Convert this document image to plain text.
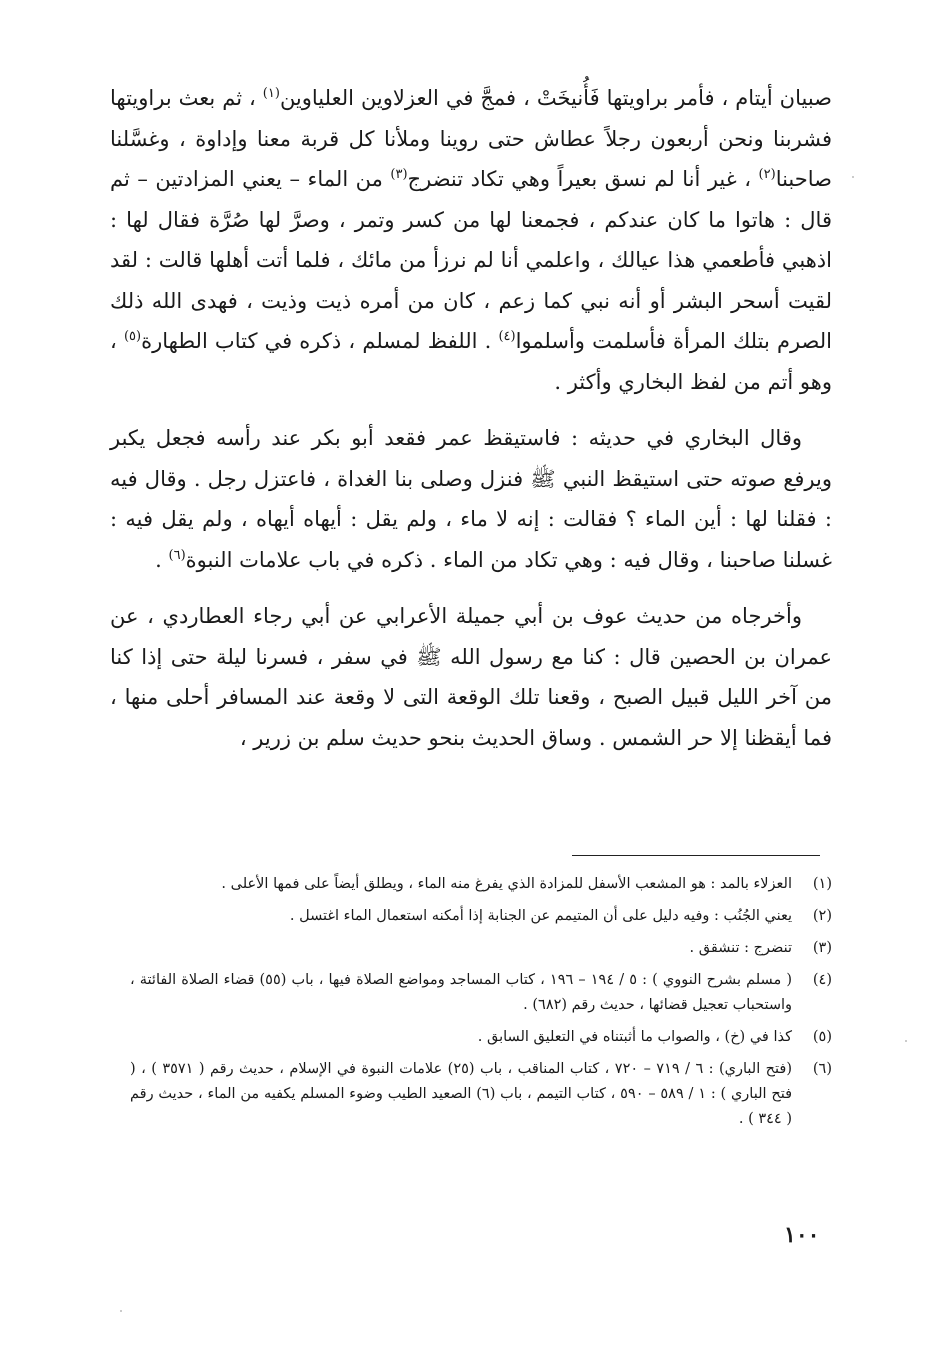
صبيان أيتام ، فأمر براويتها فَأُنيخَتْ ، فمجَّ في العزلاوين العلياوين$^{(١)}$ ، ثم بعث براويتها فشربنا ونحن أربعون رجلاً عطاش حتى روينا وملأنا كل قربة معنا وإداوة ، وغسَّلنا صاحبنا$^{(٢)}$ ، غير أنا لم نسق بعيراً وهي تكاد تنضرج$^{(٣)}$ من الماء – يعني المزادتين – ثم قال : هاتوا ما كان عندكم ، فجمعنا لها من كسر وتمر ، وصرَّ لها صُرَّة فقال لها : اذهبي فأطعمي هذا عيالك ، واعلمي أنا لم نرزأ من مائك ، فلما أتت أهلها قالت : لقد لقيت أسحر البشر أو أنه نبي كما زعم ، كان من أمره ذيت وذيت ، فهدى الله ذلك الصرم بتلك المرأة فأسلمت وأسلموا$^{(٤)}$ . اللفظ لمسلم ، ذكره في كتاب الطهارة$^{(٥)}$ ، وهو أتم من لفظ البخاري وأكثر .

وقال البخاري في حديثه : فاستيقظ عمر فقعد أبو بكر عند رأسه فجعل يكبر ويرفع صوته حتى استيقظ النبي ﷺ فنزل وصلى بنا الغداة ، فاعتزل رجل . وقال فيه : فقلنا لها : أين الماء ؟ فقالت : إنه لا ماء ، ولم يقل : أيهاه أيهاه ، ولم يقل فيه : غسلنا صاحبنا ، وقال فيه : وهي تكاد من الماء . ذكره في باب علامات النبوة$^{(٦)}$ .

وأخرجاه من حديث عوف بن أبي جميلة الأعرابي عن أبي رجاء العطاردي ، عن عمران بن الحصين قال : كنا مع رسول الله ﷺ في سفر ، فسرنا ليلة حتى إذا كنا من آخر الليل قبيل الصبح ، وقعنا تلك الوقعة التى لا وقعة عند المسافر أحلى منها ، فما أيقظنا إلا حر الشمس . وساق الحديث بنحو حديث سلم بن زرير ،

(١)
العزلاء بالمد : هو المشعب الأسفل للمزادة الذي يفرغ منه الماء ، ويطلق أيضاً على فمها الأعلى .
(٢)
يعني الجُنُب : وفيه دليل على أن المتيمم عن الجنابة إذا أمكنه استعمال الماء اغتسل .
(٣)
تنضرج : تنشقق .
(٤)
( مسلم بشرح النووي ) : ٥ / ١٩٤ – ١٩٦ ، كتاب المساجد ومواضع الصلاة فيها ، باب (٥٥) قضاء الصلاة الفائتة ، واستحباب تعجيل قضائها ، حديث رقم (٦٨٢) .
(٥)
كذا في (خ) ، والصواب ما أثبتناه في التعليق السابق .
(٦)
(فتح الباري) : ٦ / ٧١٩ – ٧٢٠ ، كتاب المناقب ، باب (٢٥) علامات النبوة في الإسلام ، حديث رقم ( ٣٥٧١ ) ، ( فتح الباري ) : ١ / ٥٨٩ – ٥٩٠ ، كتاب التيمم ، باب (٦) الصعيد الطيب وضوء المسلم يكفيه من الماء ، حديث رقم ( ٣٤٤ ) .
١٠٠
